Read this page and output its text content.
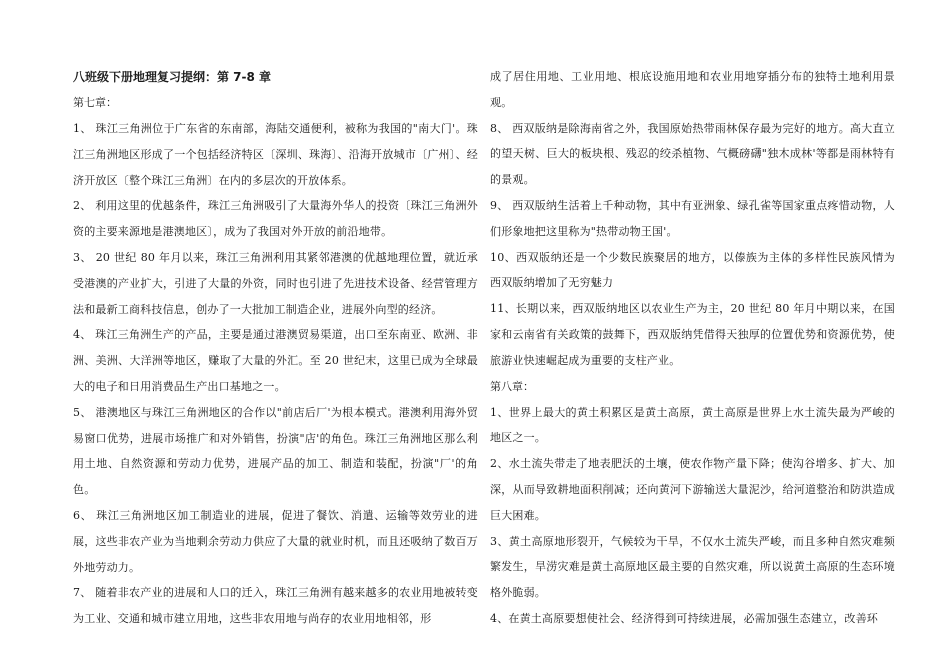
八班级下册地理复习提纲：第 7-8 章

第七章：

1、 珠江三角洲位于广东省的东南部，海陆交通便利，被称为我国的"南大门'。珠江三角洲地区形成了一个包括经济特区〔深圳、珠海〕、沿海开放城市〔广州〕、经济开放区〔整个珠江三角洲〕在内的多层次的开放体系。

2、 利用这里的优越条件，珠江三角洲吸引了大量海外华人的投资〔珠江三角洲外资的主要来源地是港澳地区〕，成为了我国对外开放的前沿地带。

3、 20 世纪 80 年月以来，珠江三角洲利用其紧邻港澳的优越地理位置，就近承受港澳的产业扩大，引进了大量的外资，同时也引进了先进技术设备、经营管理方法和最新工商科技信息，创办了一大批加工制造企业，进展外向型的经济。

4、 珠江三角洲生产的产品，主要是通过港澳贸易渠道，出口至东南亚、欧洲、非洲、美洲、大洋洲等地区，赚取了大量的外汇。至 20 世纪末，这里已成为全球最大的电子和日用消费品生产出口基地之一。

5、 港澳地区与珠江三角洲地区的合作以"前店后厂'为根本模式。港澳利用海外贸易窗口优势，进展市场推广和对外销售，扮演"店'的角色。珠江三角洲地区那么利用土地、自然资源和劳动力优势，进展产品的加工、制造和装配，扮演"厂'的角色。

6、 珠江三角洲地区加工制造业的进展，促进了餐饮、消遣、运输等效劳业的进展，这些非农产业为当地剩余劳动力供应了大量的就业时机，而且还吸纳了数百万外地劳动力。

7、 随着非农产业的进展和人口的迁入，珠江三角洲有越来越多的农业用地被转变为工业、交通和城市建立用地，这些非农用地与尚存的农业用地相邻，形

成了居住用地、工业用地、根底设施用地和农业用地穿插分布的独特土地利用景观。

8、 西双版纳是除海南省之外，我国原始热带雨林保存最为完好的地方。高大直立的望天树、巨大的板块根、残忍的绞杀植物、气概磅礴"独木成林'等都是雨林特有的景观。

9、 西双版纳生活着上千种动物，其中有亚洲象、绿孔雀等国家重点疼惜动物，人们形象地把这里称为"热带动物王国'。

10、西双版纳还是一个少数民族聚居的地方，以傣族为主体的多样性民族风情为西双版纳增加了无穷魅力

11、长期以来，西双版纳地区以农业生产为主，20 世纪 80 年月中期以来，在国家和云南省有关政策的鼓舞下，西双版纳凭借得天独厚的位置优势和资源优势，使旅游业快速崛起成为重要的支柱产业。

第八章：

1、世界上最大的黄土积累区是黄土高原，黄土高原是世界上水土流失最为严峻的地区之一。

2、水土流失带走了地表肥沃的土壤，使农作物产量下降；使沟谷增多、扩大、加深，从而导致耕地面积削减；还向黄河下游输送大量泥沙，给河道整治和防洪造成巨大困难。

3、黄土高原地形裂开，气候较为干旱，不仅水土流失严峻，而且多种自然灾难频繁发生，旱涝灾难是黄土高原地区最主要的自然灾难，所以说黄土高原的生态环境格外脆弱。

4、在黄土高原要想使社会、经济得到可持续进展，必需加强生态建立，改善环
